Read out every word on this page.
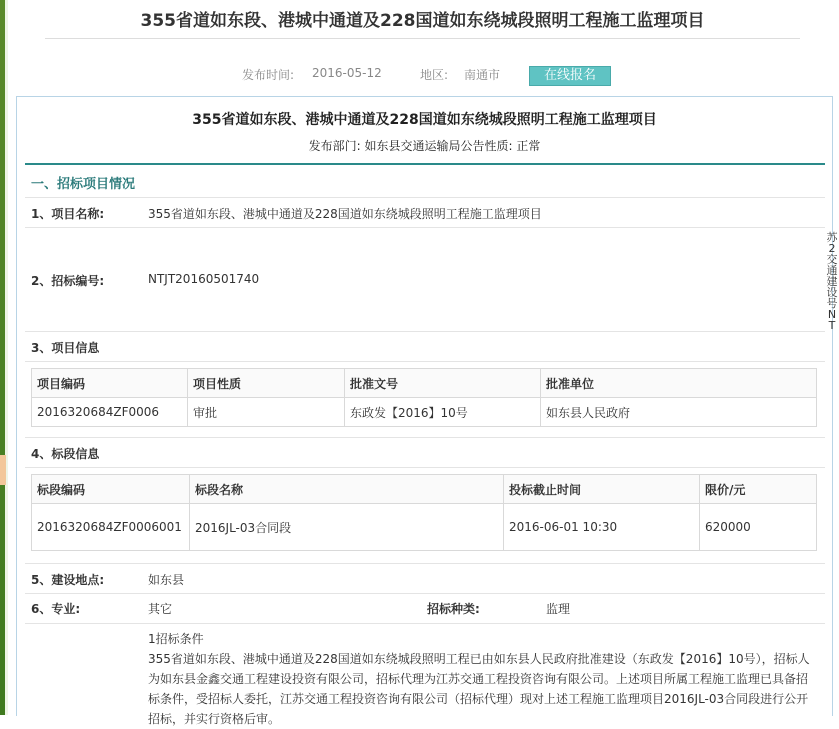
355省道如东段、港城中通道及228国道如东绕城段照明工程施工监理项目
发布时间: 2016-05-12	地区: 南通市	在线报名
355省道如东段、港城中通道及228国道如东绕城段照明工程施工监理项目
发布部门: 如东县交通运输局公告性质: 正常
一、招标项目情况
1、项目名称:	355省道如东段、港城中通道及228国道如东绕城段照明工程施工监理项目
2、招标编号:	NTJT20160501740
3、项目信息
项目编码	项目性质	批准文号	批准单位
2016320684ZF0006	审批	东政发【2016】10号	如东县人民政府
4、标段信息
标段编码	标段名称	投标截止时间	限价/元
2016320684ZF0006001	2016JL-03合同段	2016-06-01 10:30	620000
5、建设地点:	如东县
6、专业:	其它	招标种类:	监理
1招标条件
355省道如东段、港城中通道及228国道如东绕城段照明工程已由如东县人民政府批准建设（东政发【2016】10号），招标人为如东县金鑫交通工程建设投资有限公司，招标代理为江苏交通工程投资咨询有限公司。上述项目所属工程施工监理已具备招标条件，受招标人委托，江苏交通工程投资咨询有限公司（招标代理）现对上述工程施工监理项目2016JL-03合同段进行公开招标，并实行资格后审。
苏2交通建设号NT
